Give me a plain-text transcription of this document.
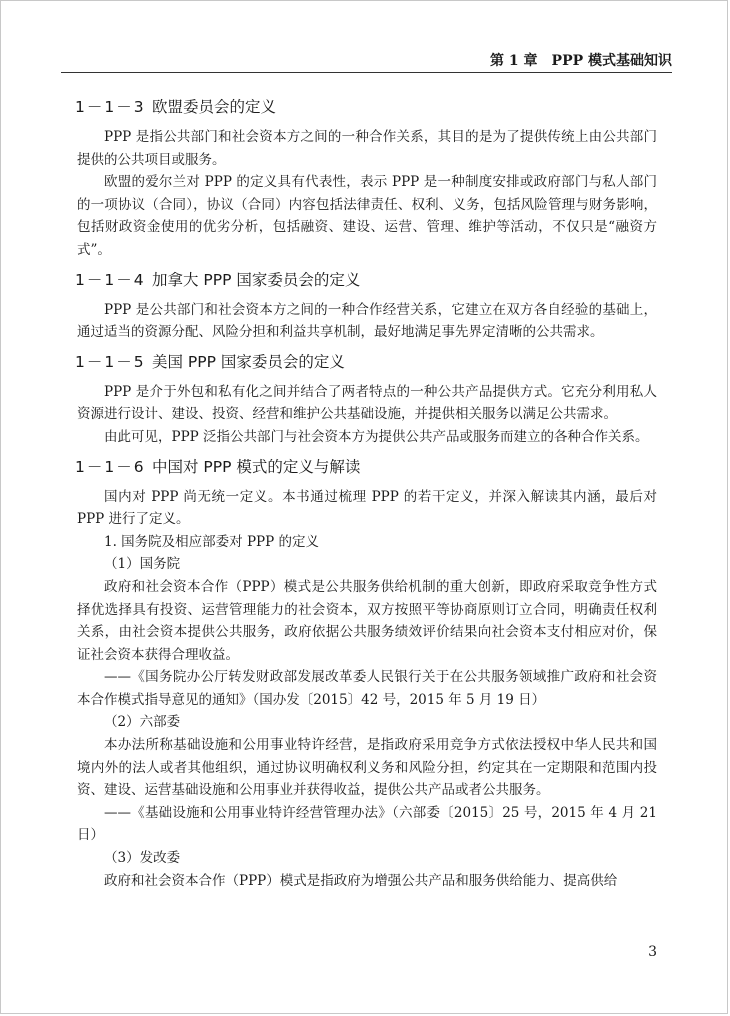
第 1 章　PPP 模式基础知识
1－1－3 欧盟委员会的定义

PPP 是指公共部门和社会资本方之间的一种合作关系，其目的是为了提供传统上由公共部门提供的公共项目或服务。

欧盟的爱尔兰对 PPP 的定义具有代表性，表示 PPP 是一种制度安排或政府部门与私人部门的一项协议（合同），协议（合同）内容包括法律责任、权利、义务，包括风险管理与财务影响，包括财政资金使用的优劣分析，包括融资、建设、运营、管理、维护等活动，不仅只是“融资方式”。

1－1－4 加拿大 PPP 国家委员会的定义

PPP 是公共部门和社会资本方之间的一种合作经营关系，它建立在双方各自经验的基础上，通过适当的资源分配、风险分担和利益共享机制，最好地满足事先界定清晰的公共需求。

1－1－5 美国 PPP 国家委员会的定义

PPP 是介于外包和私有化之间并结合了两者特点的一种公共产品提供方式。它充分利用私人资源进行设计、建设、投资、经营和维护公共基础设施，并提供相关服务以满足公共需求。

由此可见，PPP 泛指公共部门与社会资本方为提供公共产品或服务而建立的各种合作关系。

1－1－6 中国对 PPP 模式的定义与解读

国内对 PPP 尚无统一定义。本书通过梳理 PPP 的若干定义，并深入解读其内涵，最后对 PPP 进行了定义。

1. 国务院及相应部委对 PPP 的定义

（1）国务院

政府和社会资本合作（PPP）模式是公共服务供给机制的重大创新，即政府采取竞争性方式择优选择具有投资、运营管理能力的社会资本，双方按照平等协商原则订立合同，明确责任权利关系，由社会资本提供公共服务，政府依据公共服务绩效评价结果向社会资本支付相应对价，保证社会资本获得合理收益。

——《国务院办公厅转发财政部发展改革委人民银行关于在公共服务领域推广政府和社会资本合作模式指导意见的通知》（国办发〔2015〕42 号，2015 年 5 月 19 日）

（2）六部委

本办法所称基础设施和公用事业特许经营，是指政府采用竞争方式依法授权中华人民共和国境内外的法人或者其他组织，通过协议明确权利义务和风险分担，约定其在一定期限和范围内投资、建设、运营基础设施和公用事业并获得收益，提供公共产品或者公共服务。

——《基础设施和公用事业特许经营管理办法》（六部委〔2015〕25 号，2015 年 4 月 21 日）

（3）发改委

政府和社会资本合作（PPP）模式是指政府为增强公共产品和服务供给能力、提高供给

3
